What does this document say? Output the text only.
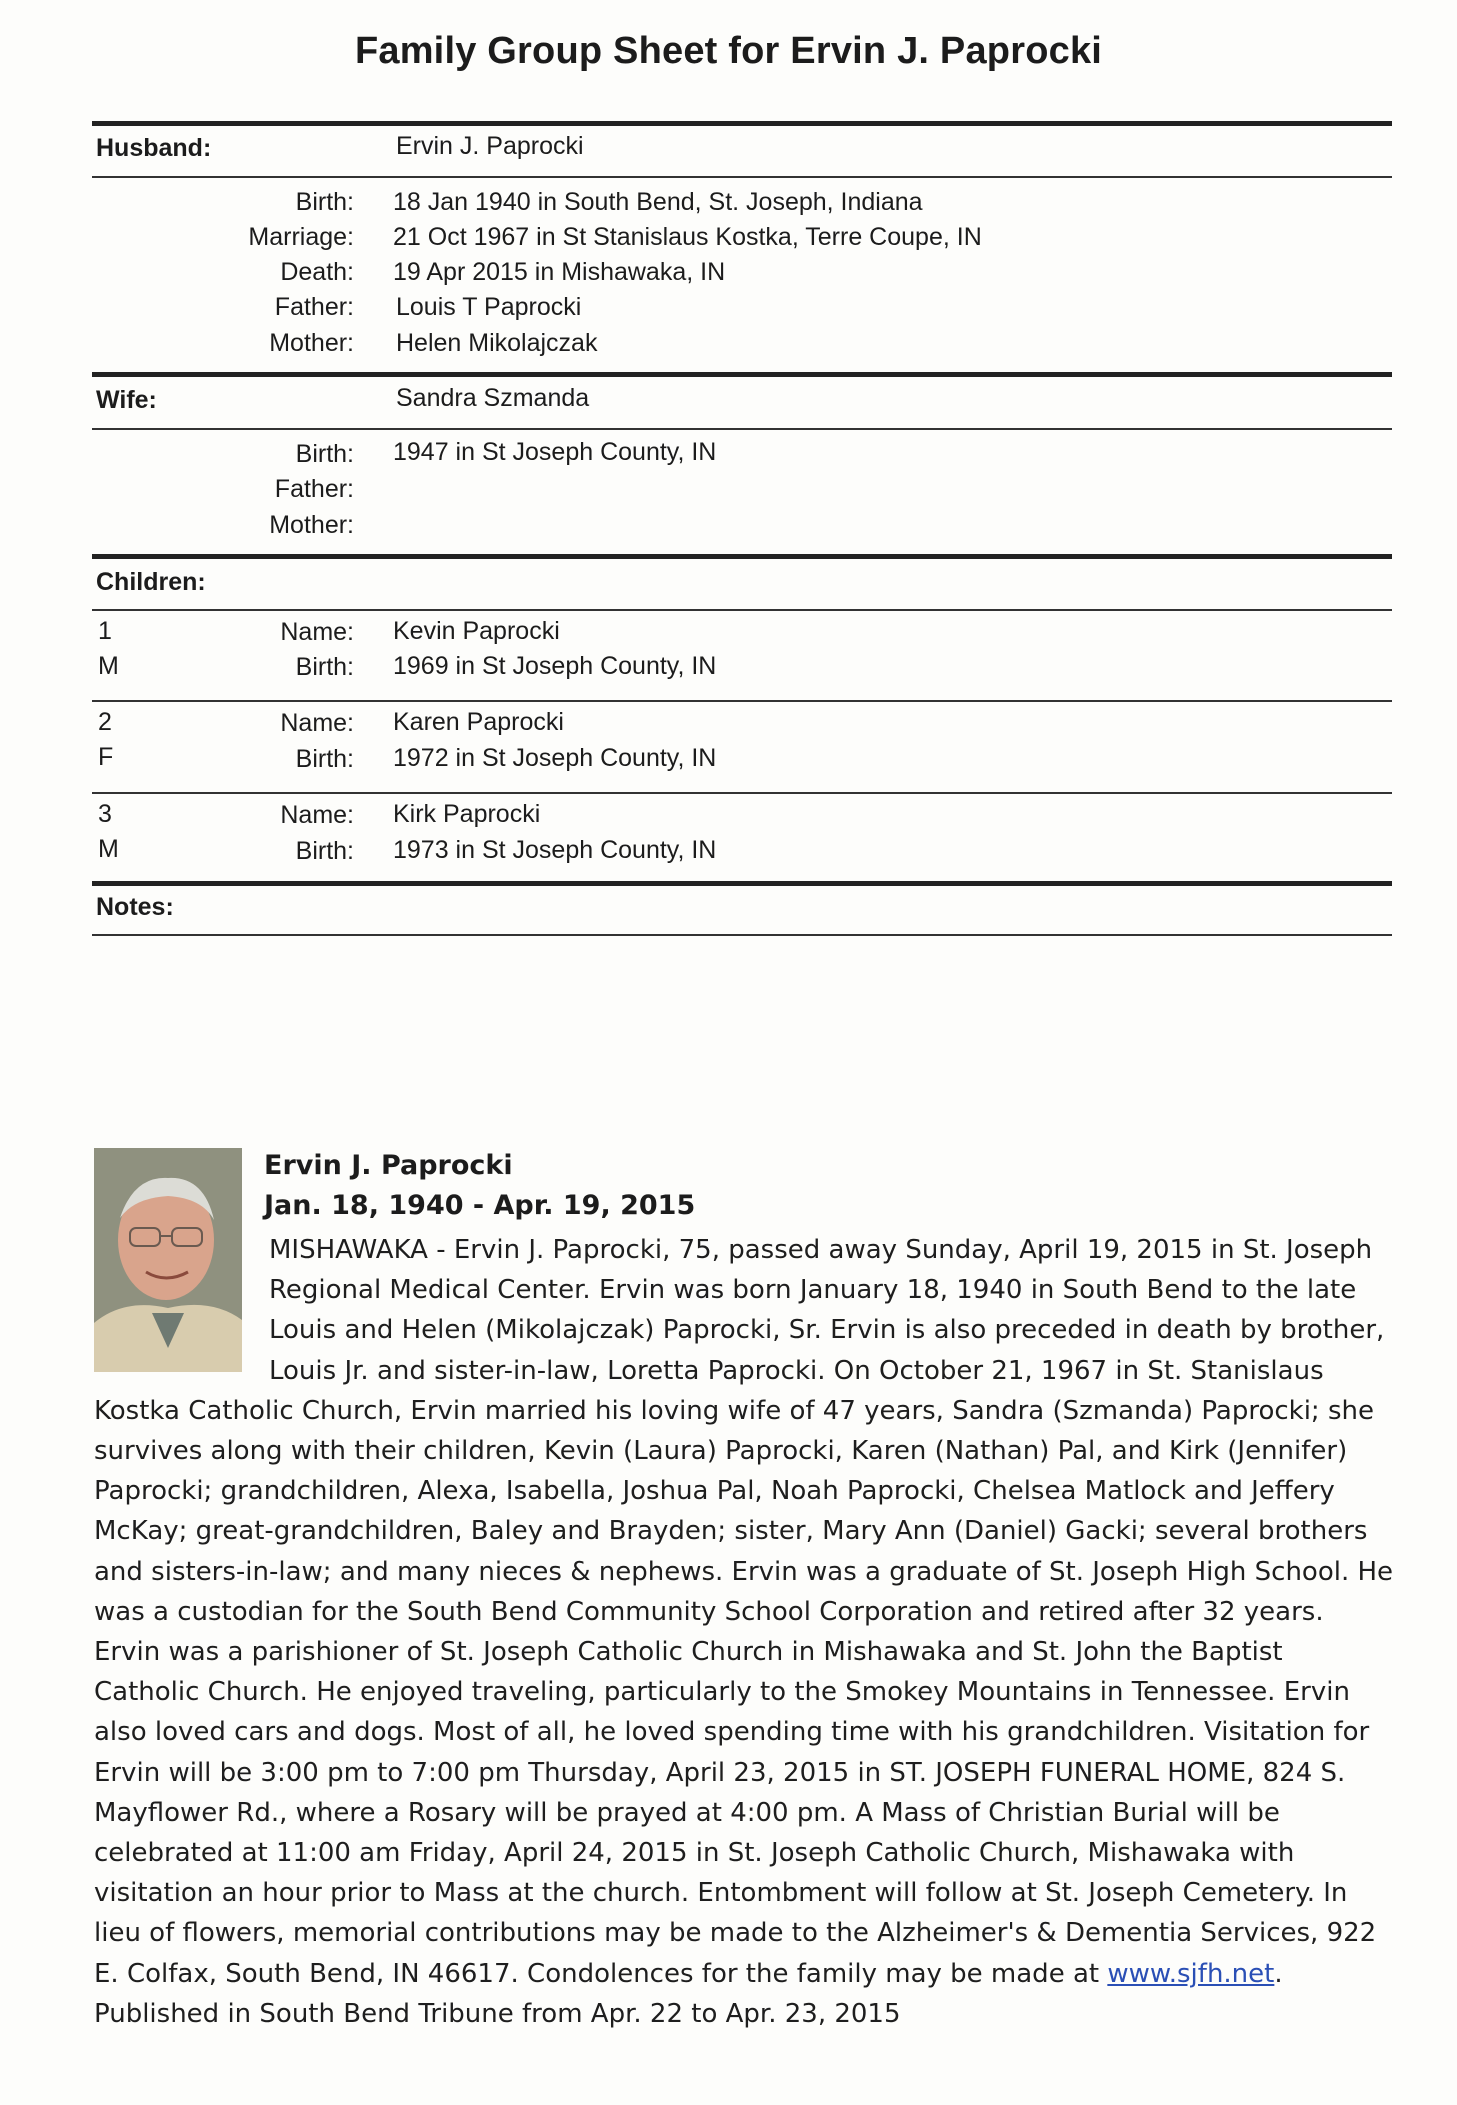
Family Group Sheet for Ervin J. Paprocki
Husband:	Ervin J. Paprocki
Birth: 18 Jan 1940 in South Bend, St. Joseph, Indiana
Marriage: 21 Oct 1967 in St Stanislaus Kostka, Terre Coupe, IN
Death: 19 Apr 2015 in Mishawaka, IN
Father: Louis T Paprocki
Mother: Helen Mikolajczak
Wife:	Sandra Szmanda
Birth: 1947 in St Joseph County, IN
Father:
Mother:
Children:
1
M
Name: Kevin Paprocki
Birth: 1969 in St Joseph County, IN
2
F
Name: Karen Paprocki
Birth: 1972 in St Joseph County, IN
3
M
Name: Kirk Paprocki
Birth: 1973 in St Joseph County, IN
Notes:
Ervin J. Paprocki
Jan. 18, 1940 - Apr. 19, 2015
MISHAWAKA - Ervin J. Paprocki, 75, passed away Sunday, April 19, 2015 in St. Joseph Regional Medical Center. Ervin was born January 18, 1940 in South Bend to the late Louis and Helen (Mikolajczak) Paprocki, Sr. Ervin is also preceded in death by brother, Louis Jr. and sister-in-law, Loretta Paprocki. On October 21, 1967 in St. Stanislaus Kostka Catholic Church, Ervin married his loving wife of 47 years, Sandra (Szmanda) Paprocki; she survives along with their children, Kevin (Laura) Paprocki, Karen (Nathan) Pal, and Kirk (Jennifer) Paprocki; grandchildren, Alexa, Isabella, Joshua Pal, Noah Paprocki, Chelsea Matlock and Jeffery McKay; great-grandchildren, Baley and Brayden; sister, Mary Ann (Daniel) Gacki; several brothers and sisters-in-law; and many nieces & nephews. Ervin was a graduate of St. Joseph High School. He was a custodian for the South Bend Community School Corporation and retired after 32 years. Ervin was a parishioner of St. Joseph Catholic Church in Mishawaka and St. John the Baptist Catholic Church. He enjoyed traveling, particularly to the Smokey Mountains in Tennessee. Ervin also loved cars and dogs. Most of all, he loved spending time with his grandchildren. Visitation for Ervin will be 3:00 pm to 7:00 pm Thursday, April 23, 2015 in ST. JOSEPH FUNERAL HOME, 824 S. Mayflower Rd., where a Rosary will be prayed at 4:00 pm. A Mass of Christian Burial will be celebrated at 11:00 am Friday, April 24, 2015 in St. Joseph Catholic Church, Mishawaka with visitation an hour prior to Mass at the church. Entombment will follow at St. Joseph Cemetery. In lieu of flowers, memorial contributions may be made to the Alzheimer's & Dementia Services, 922 E. Colfax, South Bend, IN 46617. Condolences for the family may be made at www.sjfh.net. Published in South Bend Tribune from Apr. 22 to Apr. 23, 2015
